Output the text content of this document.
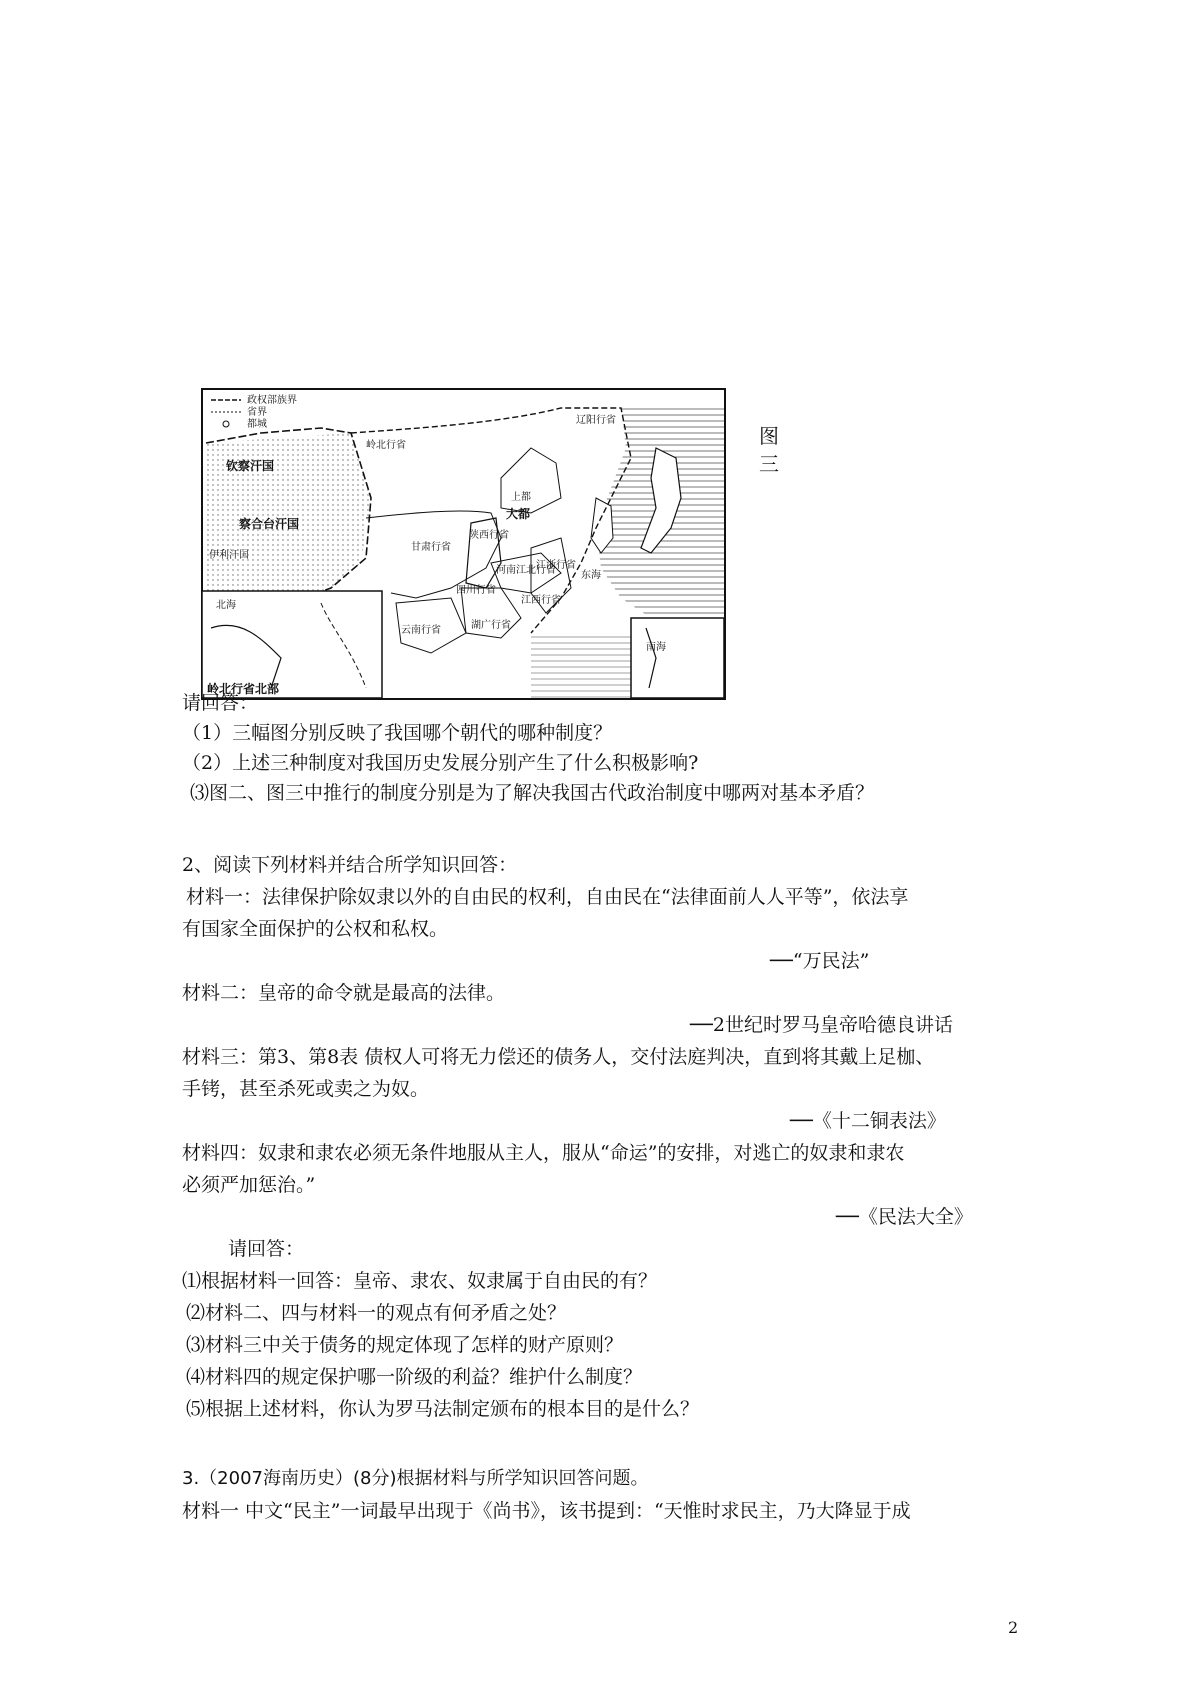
政权部族界
省界
都城
钦察汗国
察合台汗国
伊利汗国
岭北行省
辽阳行省
甘肃行省
陕西行省
四川行省
河南江北行省
江浙行省
江西行省
湖广行省
云南行省
上都
大都
北海
东海
南海
岭北行省北部
图三
请回答：
（1）三幅图分别反映了我国哪个朝代的哪种制度？
（2）上述三种制度对我国历史发展分别产生了什么积极影响?
⑶图二、图三中推行的制度分别是为了解决我国古代政治制度中哪两对基本矛盾？
2、阅读下列材料并结合所学知识回答：
材料一：法律保护除奴隶以外的自由民的权利，自由民在“法律面前人人平等”，依法享
有国家全面保护的公权和私权。
──“万民法”
材料二：皇帝的命令就是最高的法律。
──2世纪时罗马皇帝哈德良讲话
材料三：第3、第8表 债权人可将无力偿还的债务人，交付法庭判决，直到将其戴上足枷、
手铐，甚至杀死或卖之为奴。
──《十二铜表法》
材料四：奴隶和隶农必须无条件地服从主人，服从“命运”的安排，对逃亡的奴隶和隶农
必须严加惩治。”
──《民法大全》
请回答：
⑴根据材料一回答：皇帝、隶农、奴隶属于自由民的有？
⑵材料二、四与材料一的观点有何矛盾之处？
⑶材料三中关于债务的规定体现了怎样的财产原则？
⑷材料四的规定保护哪一阶级的利益？维护什么制度？
⑸根据上述材料，你认为罗马法制定颁布的根本目的是什么？
3.（2007海南历史）(8分)根据材料与所学知识回答问题。
材料一 中文“民主”一词最早出现于《尚书》，该书提到：“天惟时求民主，乃大降显于成
2
